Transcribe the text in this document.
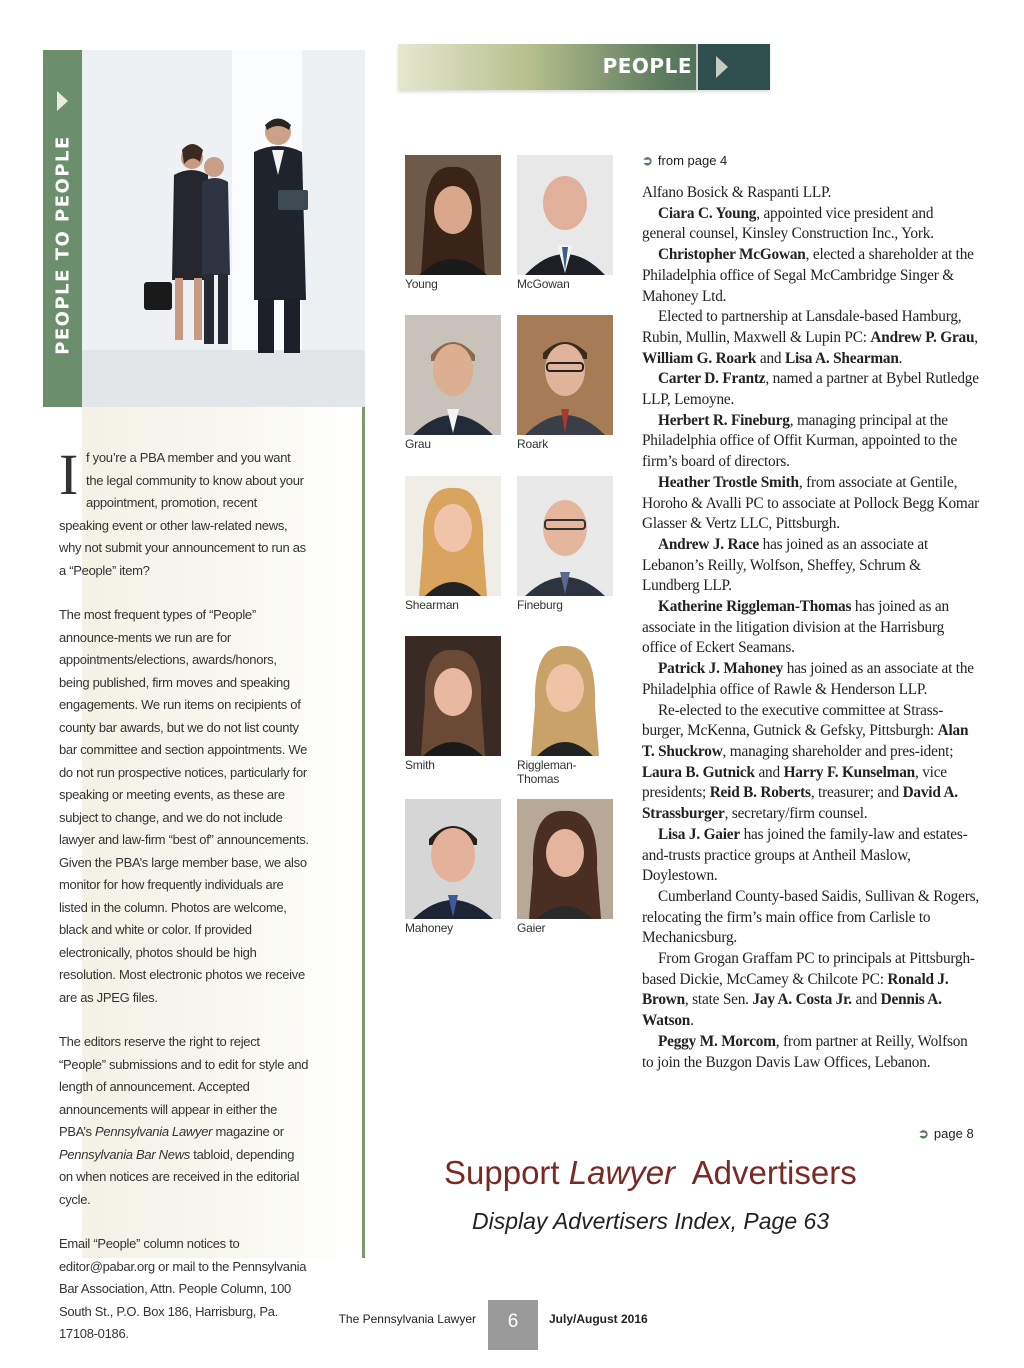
PEOPLE
PEOPLE TO PEOPLE

If you’re a PBA member and you want the legal community to know about your appointment, promotion, recent speaking event or other law-related news, why not submit your announcement to run as a “People” item?

The most frequent types of “People” announce-ments we run are for appointments/elections, awards/honors, being published, firm moves and speaking engagements. We run items on recipients of county bar awards, but we do not list county bar committee and section appointments. We do not run prospective notices, particularly for speaking or meeting events, as these are subject to change, and we do not include lawyer and law-firm “best of” announcements. Given the PBA’s large member base, we also monitor for how frequently individuals are listed in the column. Photos are welcome, black and white or color. If provided electronically, photos should be high resolution. Most electronic photos we receive are as JPEG files.

The editors reserve the right to reject “People” submissions and to edit for style and length of announcement. Accepted announcements will appear in either the PBA’s Pennsylvania Lawyer magazine or Pennsylvania Bar News tabloid, depending on when notices are received in the editorial cycle.

Email “People” column notices to editor@pabar.org or mail to the Pennsylvania Bar Association, Attn. People Column, 100 South St., P.O. Box 186, Harrisburg, Pa. 17108-0186.

Young	McGowan
Grau	Roark
Shearman	Fineburg
Smith	Riggleman-Thomas
Mahoney	Gaier
➲ from page 4

Alfano Bosick & Raspanti LLP.

Ciara C. Young, appointed vice president and general counsel, Kinsley Construction Inc., York.

Christopher McGowan, elected a shareholder at the Philadelphia office of Segal McCambridge Singer & Mahoney Ltd.

Elected to partnership at Lansdale-based Hamburg, Rubin, Mullin, Maxwell & Lupin PC: Andrew P. Grau, William G. Roark and Lisa A. Shearman.

Carter D. Frantz, named a partner at Bybel Rutledge LLP, Lemoyne.

Herbert R. Fineburg, managing principal at the Philadelphia office of Offit Kurman, appointed to the firm’s board of directors.

Heather Trostle Smith, from associate at Gentile, Horoho & Avalli PC to associate at Pollock Begg Komar Glasser & Vertz LLC, Pittsburgh.

Andrew J. Race has joined as an associate at Lebanon’s Reilly, Wolfson, Sheffey, Schrum & Lundberg LLP.

Katherine Riggleman-Thomas has joined as an associate in the litigation division at the Harrisburg office of Eckert Seamans.

Patrick J. Mahoney has joined as an associate at the Philadelphia office of Rawle & Henderson LLP.

Re-elected to the executive committee at Strass-burger, McKenna, Gutnick & Gefsky, Pittsburgh: Alan T. Shuckrow, managing shareholder and pres-ident; Laura B. Gutnick and Harry F. Kunselman, vice presidents; Reid B. Roberts, treasurer; and David A. Strassburger, secretary/firm counsel.

Lisa J. Gaier has joined the family-law and estates-and-trusts practice groups at Antheil Maslow, Doylestown.

Cumberland County-based Saidis, Sullivan & Rogers, relocating the firm’s main office from Carlisle to Mechanicsburg.

From Grogan Graffam PC to principals at Pittsburgh-based Dickie, McCamey & Chilcote PC: Ronald J. Brown, state Sen. Jay A. Costa Jr. and Dennis A. Watson.

Peggy M. Morcom, from partner at Reilly, Wolfson to join the Buzgon Davis Law Offices, Lebanon.

➲ page 8
Support Lawyer  Advertisers
Display Advertisers Index, Page 63
The Pennsylvania Lawyer	6	July/August 2016
